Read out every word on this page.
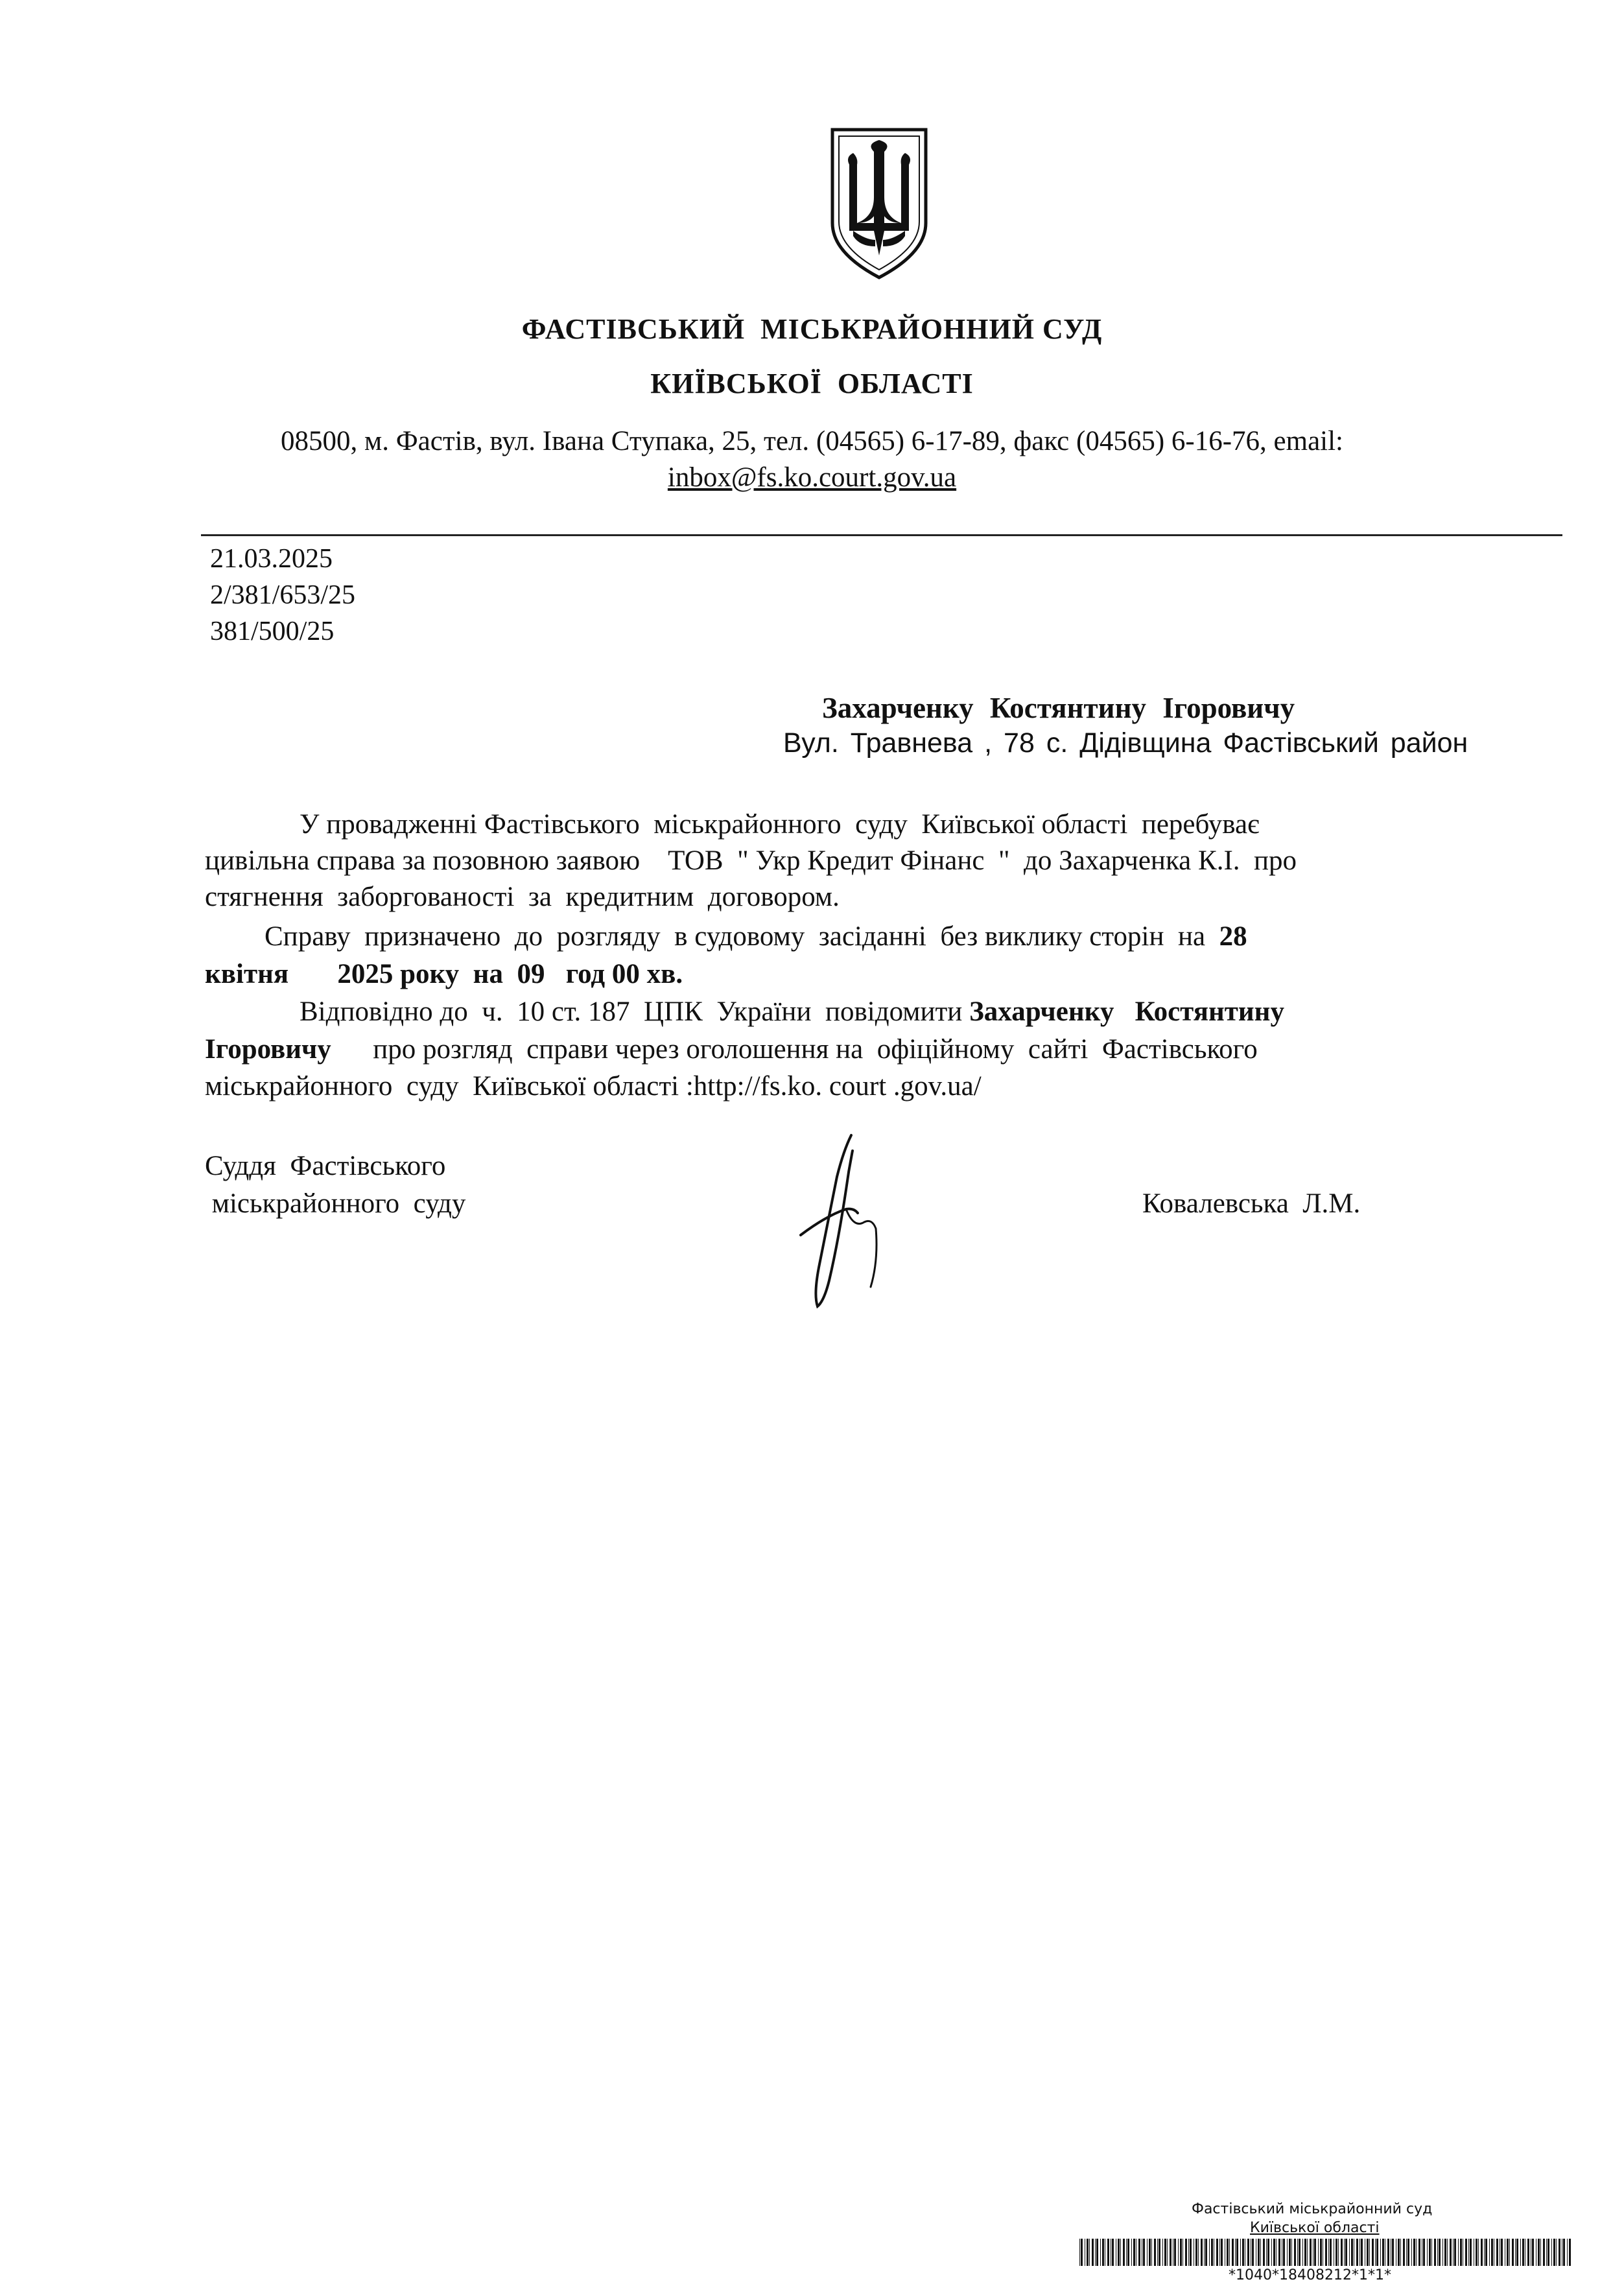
ФАСТІВСЬКИЙ  МІСЬКРАЙОННИЙ СУД
КИЇВСЬКОЇ  ОБЛАСТІ
08500, м. Фастів, вул. Івана Ступака, 25, тел. (04565) 6-17-89, факс (04565) 6-16-76, email:
inbox@fs.ko.court.gov.ua
21.03.2025
2/381/653/25
381/500/25
Захарченку Костянтину Ігоровичу
Вул. Травнева , 78 с. Дідівщина Фастівський район
У провадженні Фастівського  міськрайонного  суду  Київської області  перебуває
цивільна справа за позовною заявою    ТОВ  " Укр Кредит Фінанс  "  до Захарченка К.І.  про
стягнення  заборгованості  за  кредитним  договором.
Справу  призначено  до  розгляду  в судовому  засіданні  без виклику сторін  на  28
квітня       2025 року  на  09   год 00 хв.
Відповідно до  ч.  10 ст. 187  ЦПК  України  повідомити Захарченку   Костянтину
Ігоровичу      про розгляд  справи через оголошення на  офіційному  сайті  Фастівського
міськрайонного  суду  Київської області :http://fs.ko. court .gov.ua/
Суддя  Фастівського
міськрайонного  суду	Ковалевська  Л.М.
Фастівський міськрайонний суд
Київської області
*1040*18408212*1*1*
